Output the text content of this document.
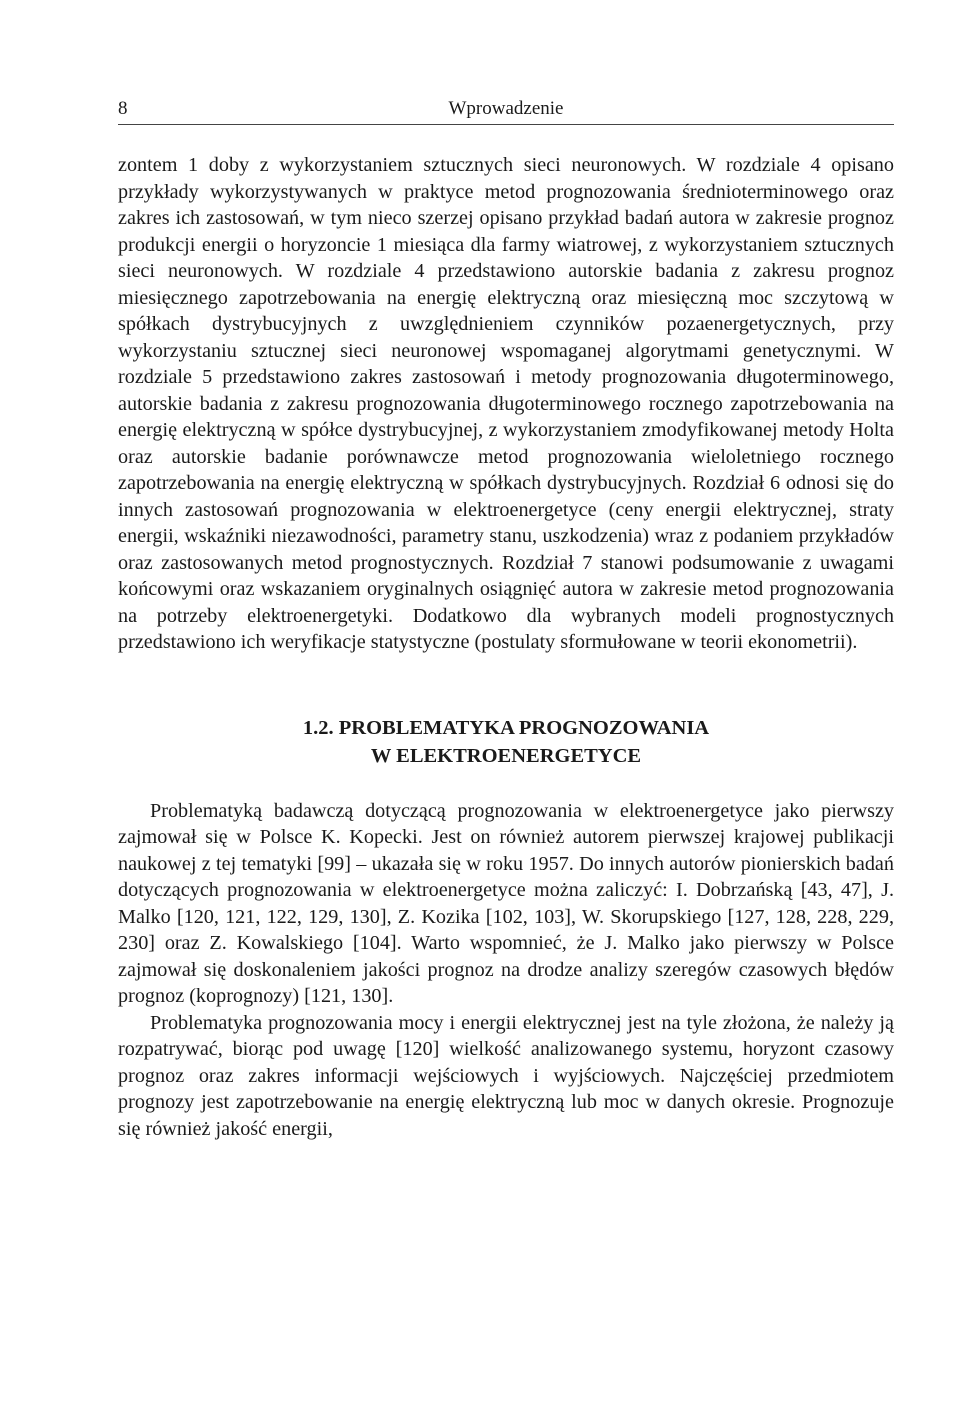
8	Wprowadzenie

zontem 1 doby z wykorzystaniem sztucznych sieci neuronowych. W rozdziale 4 opisano przykłady wykorzystywanych w praktyce metod prognozowania średnioterminowego oraz zakres ich zastosowań, w tym nieco szerzej opisano przykład badań autora w zakresie prognoz produkcji energii o horyzoncie 1 miesiąca dla farmy wiatrowej, z wykorzystaniem sztucznych sieci neuronowych. W rozdziale 4 przedstawiono autorskie badania z zakresu prognoz miesięcznego zapotrzebowania na energię elektryczną oraz miesięczną moc szczytową w spółkach dystrybucyjnych z uwzględnieniem czynników pozaenergetycznych, przy wykorzystaniu sztucznej sieci neuronowej wspomaganej algorytmami genetycznymi. W rozdziale 5 przedstawiono zakres zastosowań i metody prognozowania długoterminowego, autorskie badania z zakresu prognozowania długoterminowego rocznego zapotrzebowania na energię elektryczną w spółce dystrybucyjnej, z wykorzystaniem zmodyfikowanej metody Holta oraz autorskie badanie porównawcze metod prognozowania wieloletniego rocznego zapotrzebowania na energię elektryczną w spółkach dystrybucyjnych. Rozdział 6 odnosi się do innych zastosowań prognozowania w elektroenergetyce (ceny energii elektrycznej, straty energii, wskaźniki niezawodności, parametry stanu, uszkodzenia) wraz z podaniem przykładów oraz zastosowanych metod prognostycznych. Rozdział 7 stanowi podsumowanie z uwagami końcowymi oraz wskazaniem oryginalnych osiągnięć autora w zakresie metod prognozowania na potrzeby elektroenergetyki. Dodatkowo dla wybranych modeli prognostycznych przedstawiono ich weryfikacje statystyczne (postulaty sformułowane w teorii ekonometrii).

1.2. PROBLEMATYKA PROGNOZOWANIA
W ELEKTROENERGETYCE

Problematyką badawczą dotyczącą prognozowania w elektroenergetyce jako pierwszy zajmował się w Polsce K. Kopecki. Jest on również autorem pierwszej krajowej publikacji naukowej z tej tematyki [99] – ukazała się w roku 1957. Do innych autorów pionierskich badań dotyczących prognozowania w elektroenergetyce można zaliczyć: I. Dobrzańską [43, 47], J. Malko [120, 121, 122, 129, 130], Z. Kozika [102, 103], W. Skorupskiego [127, 128, 228, 229, 230] oraz Z. Kowalskiego [104]. Warto wspomnieć, że J. Malko jako pierwszy w Polsce zajmował się doskonaleniem jakości prognoz na drodze analizy szeregów czasowych błędów prognoz (koprognozy) [121, 130].

Problematyka prognozowania mocy i energii elektrycznej jest na tyle złożona, że należy ją rozpatrywać, biorąc pod uwagę [120] wielkość analizowanego systemu, horyzont czasowy prognoz oraz zakres informacji wejściowych i wyjściowych. Najczęściej przedmiotem prognozy jest zapotrzebowanie na energię elektryczną lub moc w danych okresie. Prognozuje się również jakość energii,
